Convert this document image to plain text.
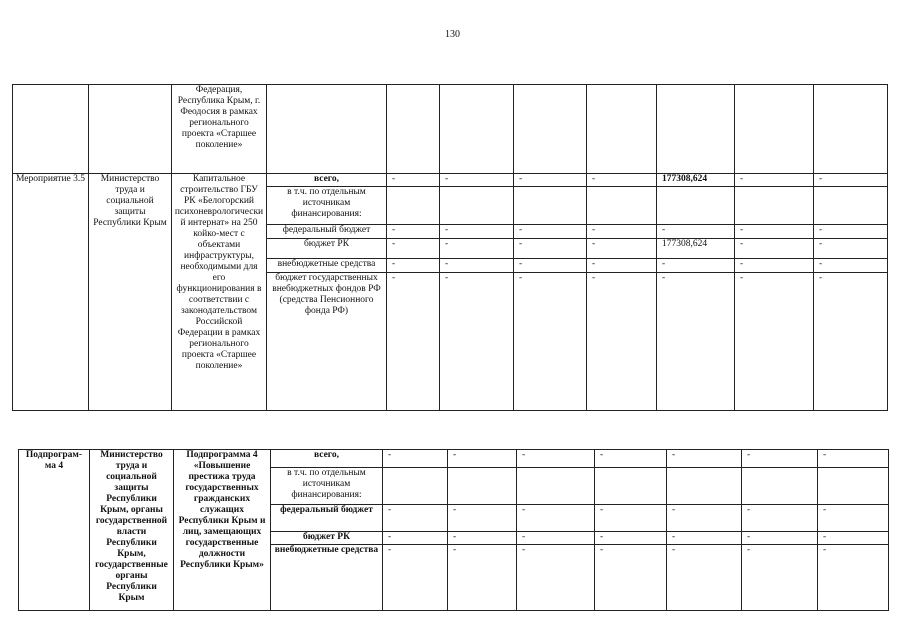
130
		Федерация, Республика Крым, г. Феодосия в рамках регионального проекта «Старшее поколение»								
Мероприятие 3.5	Министерство труда и социальной защиты Республики Крым	Капитальное строительство ГБУ РК «Белогорский психоневрологический интернат» на 250 койко-мест с объектами инфраструктуры, необходимыми для его функционирования в соответствии с законодательством Российской Федерации в рамках регионального проекта «Старшее поколение»	всего,	-	-	-	-	177308,624	-	-
			в т.ч. по отдельным источникам финансирования:							
			федеральный бюджет	-	-	-	-	-	-	-
			бюджет РК	-	-	-	-	177308,624	-	-
			внебюджетные средства	-	-	-	-	-	-	-
			бюджет государственных внебюджетных фондов РФ (средства Пенсионного фонда РФ)	-	-	-	-	-	-	-
Подпрограм-ма 4	Министерство труда и социальной защиты Республики Крым, органы государственной власти Республики Крым, государственные органы Республики Крым	Подпрограмма 4 «Повышение престижа труда государственных гражданских служащих Республики Крым и лиц, замещающих государственные должности Республики Крым»	всего,	-	-	-	-	-	-	-
			в т.ч. по отдельным источникам финансирования:							
			федеральный бюджет	-	-	-	-	-	-	-
			бюджет РК	-	-	-	-	-	-	-
			внебюджетные средства	-	-	-	-	-	-	-
